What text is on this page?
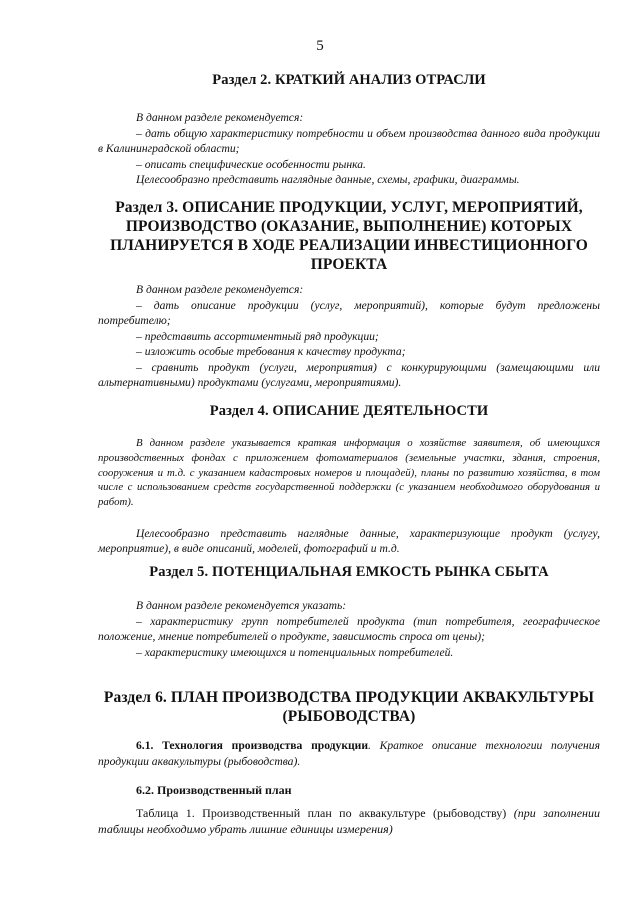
5
Раздел 2. КРАТКИЙ АНАЛИЗ ОТРАСЛИ

В данном разделе рекомендуется:

– дать общую характеристику потребности и объем производства данного вида продукции в Калининградской области;

– описать специфические особенности рынка.

Целесообразно представить наглядные данные, схемы, графики, диаграммы.

Раздел 3. ОПИСАНИЕ ПРОДУКЦИИ, УСЛУГ, МЕРОПРИЯТИЙ, ПРОИЗВОДСТВО (ОКАЗАНИЕ, ВЫПОЛНЕНИЕ) КОТОРЫХ ПЛАНИРУЕТСЯ В ХОДЕ РЕАЛИЗАЦИИ ИНВЕСТИЦИОННОГО ПРОЕКТА

В данном разделе рекомендуется:

– дать описание продукции (услуг, мероприятий), которые будут предложены потребителю;

– представить ассортиментный ряд продукции;

– изложить особые требования к качеству продукта;

– сравнить продукт (услуги, мероприятия) с конкурирующими (замещающими или альтернативными) продуктами (услугами, мероприятиями).

Раздел 4. ОПИСАНИЕ ДЕЯТЕЛЬНОСТИ

В данном разделе указывается краткая информация о хозяйстве заявителя, об имеющихся производственных фондах с приложением фотоматериалов (земельные участки, здания, строения, сооружения и т.д. с указанием кадастровых номеров и площадей), планы по развитию хозяйства, в том числе с использованием средств государственной поддержки (с указанием необходимого оборудования и работ).

Целесообразно представить наглядные данные, характеризующие продукт (услугу, мероприятие), в виде описаний, моделей, фотографий и т.д.

Раздел 5. ПОТЕНЦИАЛЬНАЯ ЕМКОСТЬ РЫНКА СБЫТА

В данном разделе рекомендуется указать:

– характеристику групп потребителей продукта (тип потребителя, географическое положение, мнение потребителей о продукте, зависимость спроса от цены);

– характеристику имеющихся и потенциальных потребителей.

Раздел 6. ПЛАН ПРОИЗВОДСТВА ПРОДУКЦИИ АКВАКУЛЬТУРЫ (РЫБОВОДСТВА)

6.1. Технология производства продукции. Краткое описание технологии получения продукции аквакультуры (рыбоводства).

6.2. Производственный план

Таблица 1. Производственный план по аквакультуре (рыбоводству) (при заполнении таблицы необходимо убрать лишние единицы измерения)
